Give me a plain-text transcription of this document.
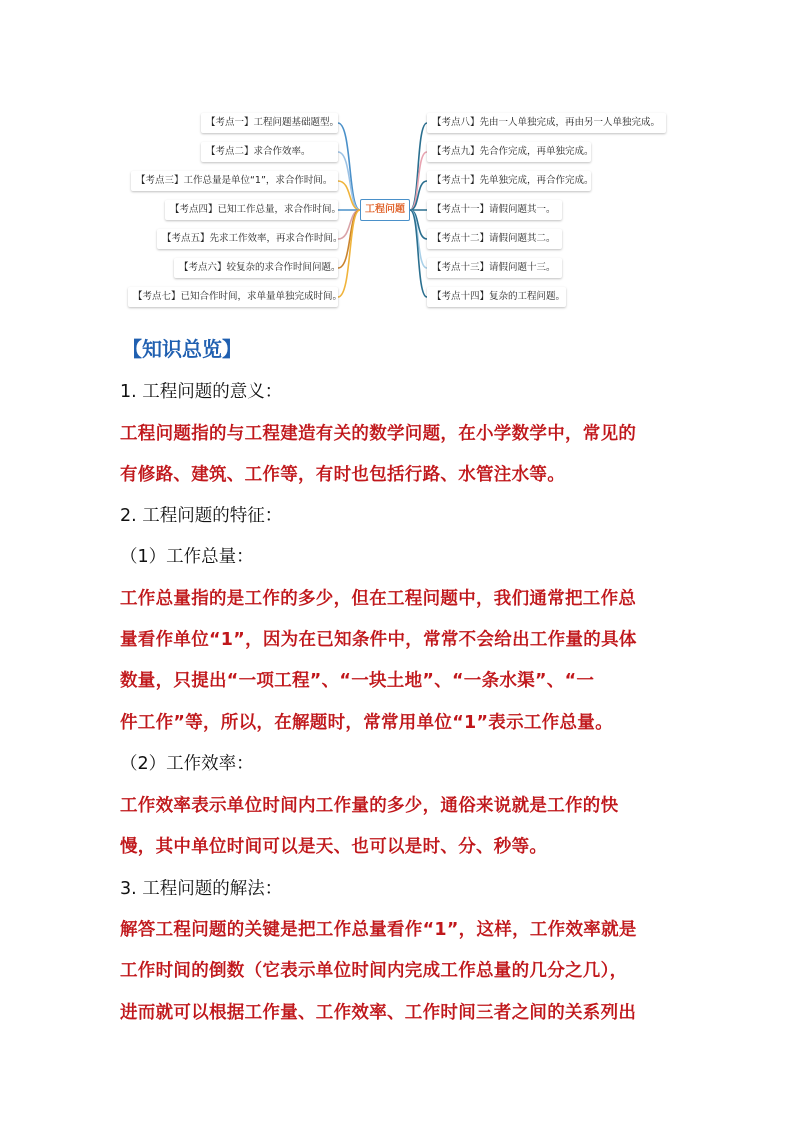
工程问题
【考点一】工程问题基础题型。
【考点二】求合作效率。
【考点三】工作总量是单位“1”，求合作时间。
【考点四】已知工作总量，求合作时间。
【考点五】先求工作效率，再求合作时间。
【考点六】较复杂的求合作时间问题。
【考点七】已知合作时间，求单量单独完成时间。
【考点八】先由一人单独完成，再由另一人单独完成。
【考点九】先合作完成，再单独完成。
【考点十】先单独完成，再合作完成。
【考点十一】请假问题其一。
【考点十二】请假问题其二。
【考点十三】请假问题十三。
【考点十四】复杂的工程问题。
【知识总览】
1. 工程问题的意义：
工程问题指的与工程建造有关的数学问题，在小学数学中，常见的
有修路、建筑、工作等，有时也包括行路、水管注水等。
2. 工程问题的特征：
（1）工作总量：
工作总量指的是工作的多少，但在工程问题中，我们通常把工作总
量看作单位“1”，因为在已知条件中，常常不会给出工作量的具体
数量，只提出“一项工程”、“一块土地”、“一条水渠”、“一
件工作”等，所以，在解题时，常常用单位“1”表示工作总量。
（2）工作效率：
工作效率表示单位时间内工作量的多少，通俗来说就是工作的快
慢，其中单位时间可以是天、也可以是时、分、秒等。
3. 工程问题的解法：
解答工程问题的关键是把工作总量看作“1”，这样，工作效率就是
工作时间的倒数（它表示单位时间内完成工作总量的几分之几），
进而就可以根据工作量、工作效率、工作时间三者之间的关系列出
